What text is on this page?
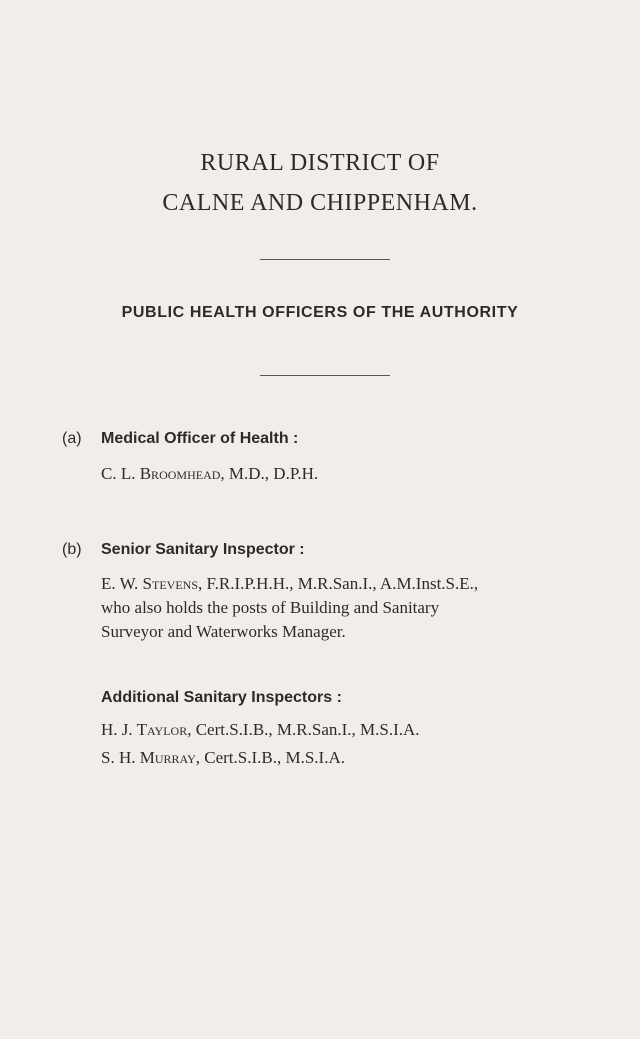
RURAL DISTRICT OF
CALNE AND CHIPPENHAM.
PUBLIC HEALTH OFFICERS OF THE AUTHORITY
(a) Medical Officer of Health :
C. L. Broomhead, M.D., D.P.H.
(b) Senior Sanitary Inspector :
E. W. Stevens, F.R.I.P.H.H., M.R.San.I., A.M.Inst.S.E.,
who also holds the posts of Building and Sanitary
Surveyor and Waterworks Manager.
Additional Sanitary Inspectors :
H. J. Taylor, Cert.S.I.B., M.R.San.I., M.S.I.A.
S. H. Murray, Cert.S.I.B., M.S.I.A.
